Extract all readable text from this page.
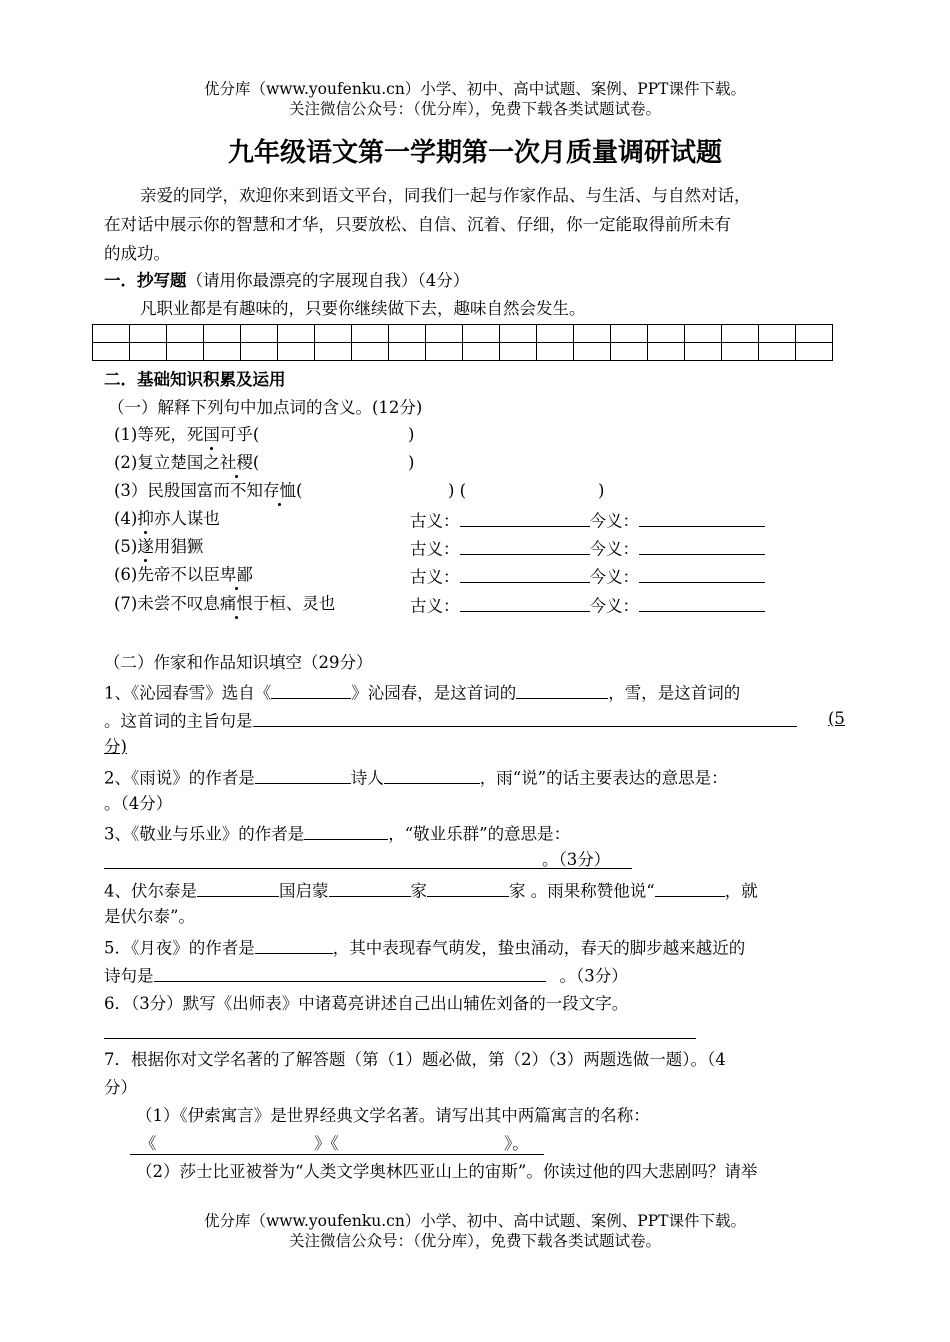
优分库（www.youfenku.cn）小学、初中、高中试题、案例、PPT课件下载。
关注微信公众号：（优分库），免费下载各类试题试卷。
九年级语文第一学期第一次月质量调研试题
亲爱的同学，欢迎你来到语文平台，同我们一起与作家作品、与生活、与自然对话，
在对话中展示你的智慧和才华，只要放松、自信、沉着、仔细，你一定能取得前所未有
的成功。
一．抄写题（请用你最漂亮的字展现自我）（4分）
凡职业都是有趣味的，只要你继续做下去，趣味自然会发生。

二．基础知识积累及运用
（一）解释下列句中加点词的含义。(12分)
(1)等死，死国可乎(	)
(2)复立楚国之社稷(	)
(3）民殷国富而不知存恤(	) (	)
(4)抑亦人谋也	古义：	今义：
(5)遂用猖獗	古义：	今义：
(6)先帝不以臣卑鄙	古义：	今义：
(7)未尝不叹息痛恨于桓、灵也	古义：	今义：
（二）作家和作品知识填空（29分）
1、《沁园春雪》选自《	》沁园春，是这首词的	，雪，是这首词的
。这首词的主旨句是	(5
分)
2、《雨说》的作者是	诗人	，雨“说”的话主要表达的意思是：
。（4分）
3、《敬业与乐业》的作者是	，“敬业乐群”的意思是：
。（3分）
4、伏尔泰是	国启蒙	家	家 。雨果称赞他说“	，就
是伏尔泰”。
5．《月夜》的作者是	，其中表现春气萌发，蛰虫涌动，春天的脚步越来越近的
诗句是	。（3分）
6．（3分）默写《出师表》中诸葛亮讲述自己出山辅佐刘备的一段文字。
7．根据你对文学名著的了解答题（第（1）题必做，第（2）（3）两题选做一题）。（4
分）
（1）《伊索寓言》是世界经典文学名著。请写出其中两篇寓言的名称：
《	》《	》。
（2）莎士比亚被誉为“人类文学奥林匹亚山上的宙斯”。你读过他的四大悲剧吗？请举
优分库（www.youfenku.cn）小学、初中、高中试题、案例、PPT课件下载。
关注微信公众号：（优分库），免费下载各类试题试卷。
